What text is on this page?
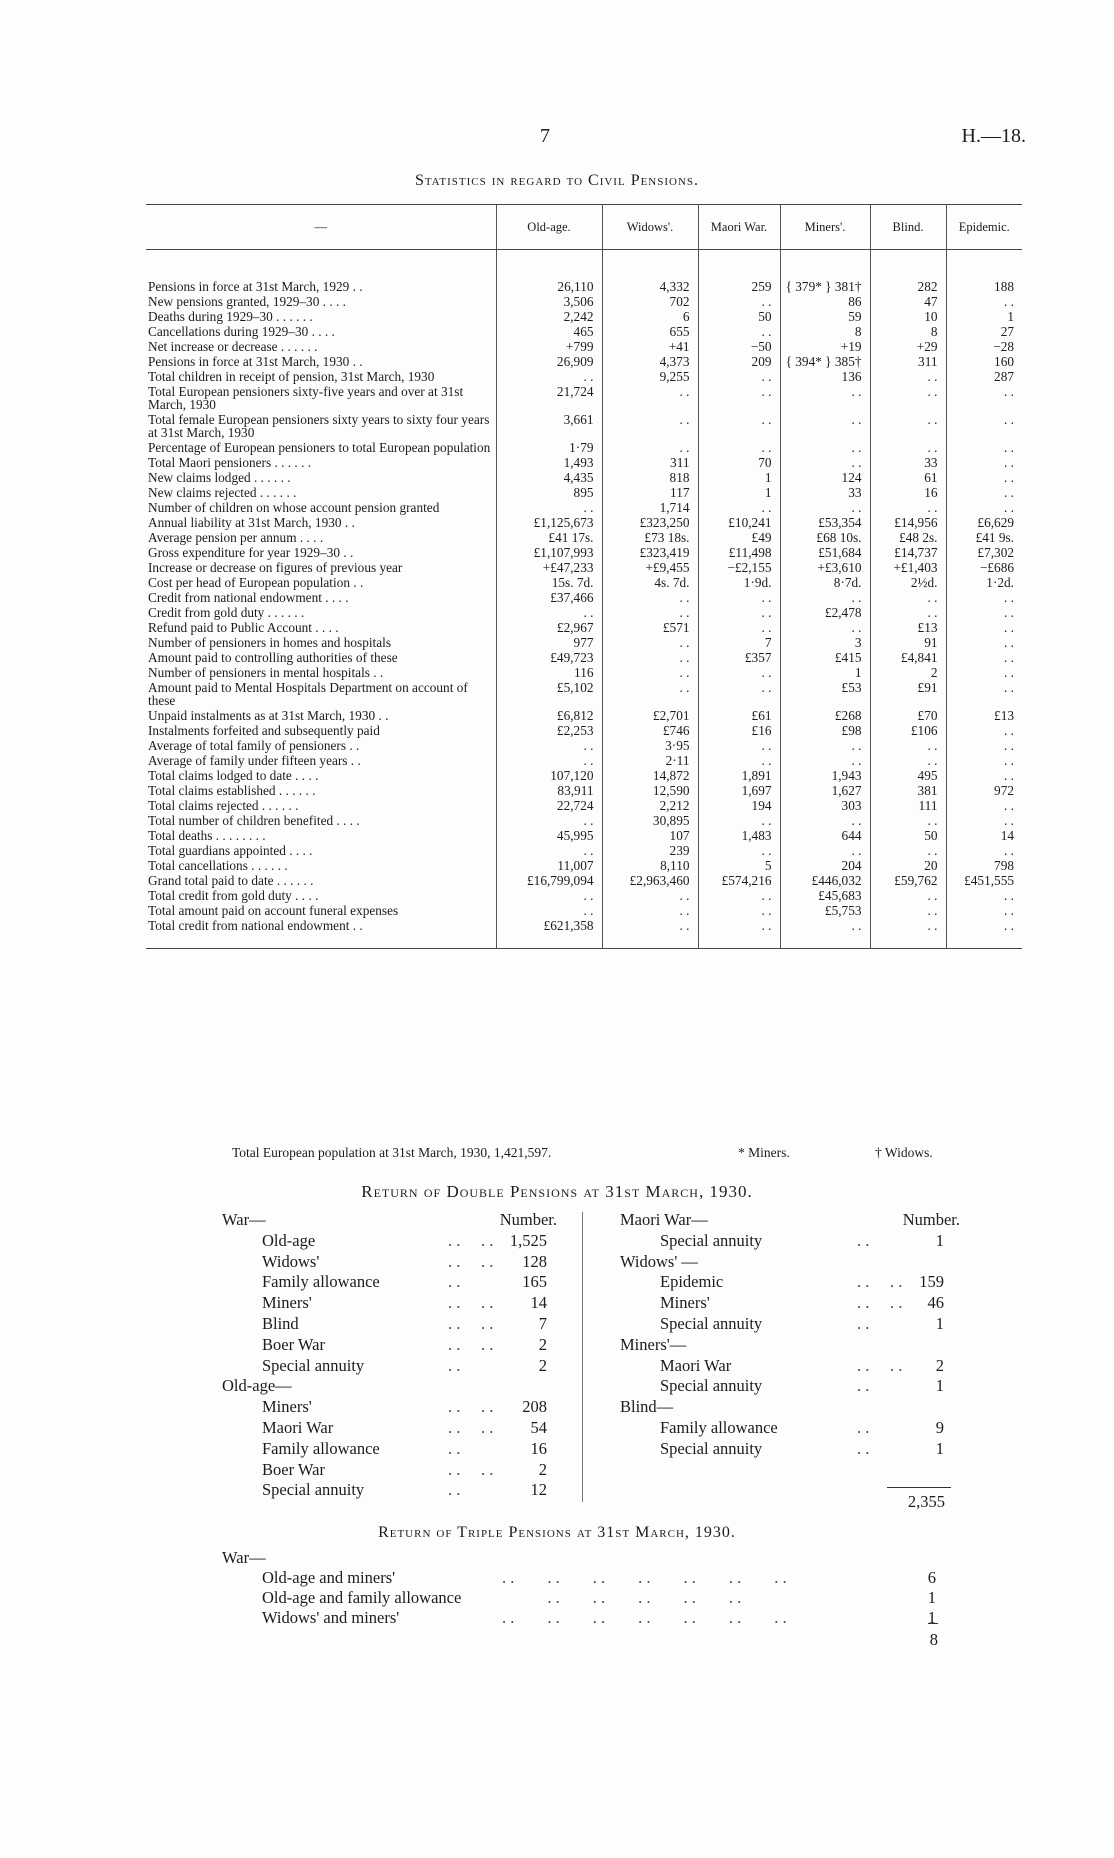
7	H.—18.
Statistics in regard to Civil Pensions.
—	Old-age.	Widows'.	Maori War.	Miners'.	Blind.	Epidemic.
Pensions in force at 31st March, 1929 . .	26,110	4,332	259	{ 379* } 381†	282	188
New pensions granted, 1929–30 . . . .	3,506	702	. .	86	47	. .
Deaths during 1929–30 . . . . . .	2,242	6	50	59	10	1
Cancellations during 1929–30 . . . .	465	655	. .	8	8	27
Net increase or decrease . . . . . .	+799	+41	−50	+19	+29	−28
Pensions in force at 31st March, 1930 . .	26,909	4,373	209	{ 394* } 385†	311	160
Total children in receipt of pension, 31st March, 1930	. .	9,255	. .	136	. .	287
Total European pensioners sixty-five years and over at 31st March, 1930	21,724	. .	. .	. .	. .	. .
Total female European pensioners sixty years to sixty four years at 31st March, 1930	3,661	. .	. .	. .	. .	. .
Percentage of European pensioners to total European population	1·79	. .	. .	. .	. .	. .
Total Maori pensioners . . . . . .	1,493	311	70	. .	33	. .
New claims lodged . . . . . .	4,435	818	1	124	61	. .
New claims rejected . . . . . .	895	117	1	33	16	. .
Number of children on whose account pension granted	. .	1,714	. .	. .	. .	. .
Annual liability at 31st March, 1930 . .	£1,125,673	£323,250	£10,241	£53,354	£14,956	£6,629
Average pension per annum . . . .	£41 17s.	£73 18s.	£49	£68 10s.	£48 2s.	£41 9s.
Gross expenditure for year 1929–30 . .	£1,107,993	£323,419	£11,498	£51,684	£14,737	£7,302
Increase or decrease on figures of previous year	+£47,233	+£9,455	−£2,155	+£3,610	+£1,403	−£686
Cost per head of European population . .	15s. 7d.	4s. 7d.	1·9d.	8·7d.	2½d.	1·2d.
Credit from national endowment . . . .	£37,466	. .	. .	. .	. .	. .
Credit from gold duty . . . . . .	. .	. .	. .	£2,478	. .	. .
Refund paid to Public Account . . . .	£2,967	£571	. .	. .	£13	. .
Number of pensioners in homes and hospitals	977	. .	7	3	91	. .
Amount paid to controlling authorities of these	£49,723	. .	£357	£415	£4,841	. .
Number of pensioners in mental hospitals . .	116	. .	. .	1	2	. .
Amount paid to Mental Hospitals Department on account of these	£5,102	. .	. .	£53	£91	. .
Unpaid instalments as at 31st March, 1930 . .	£6,812	£2,701	£61	£268	£70	£13
Instalments forfeited and subsequently paid	£2,253	£746	£16	£98	£106	. .
Average of total family of pensioners . .	. .	3·95	. .	. .	. .	. .
Average of family under fifteen years . .	. .	2·11	. .	. .	. .	. .
Total claims lodged to date . . . .	107,120	14,872	1,891	1,943	495	. .
Total claims established . . . . . .	83,911	12,590	1,697	1,627	381	972
Total claims rejected . . . . . .	22,724	2,212	194	303	111	. .
Total number of children benefited . . . .	. .	30,895	. .	. .	. .	. .
Total deaths . . . . . . . .	45,995	107	1,483	644	50	14
Total guardians appointed . . . .	. .	239	. .	. .	. .	. .
Total cancellations . . . . . .	11,007	8,110	5	204	20	798
Grand total paid to date . . . . . .	£16,799,094	£2,963,460	£574,216	£446,032	£59,762	£451,555
Total credit from gold duty . . . .	. .	. .	. .	£45,683	. .	. .
Total amount paid on account funeral expenses	. .	. .	. .	£5,753	. .	. .
Total credit from national endowment . .	£621,358	. .	. .	. .	. .	. .
Total European population at 31st March, 1930, 1,421,597.	* Miners.	† Widows.
Return of Double Pensions at 31st March, 1930.
Number.
War—
Old-age	. .     . . 1,525
Widows'	. .     . . 128
Family allowance	. .	165
Miners'	. .     . . 14
Blind	. .     . .	7
Boer War	. .     . .	2
Special annuity	. .	2
Old-age—
Miners'	. .     . . 208
Maori War	. .     . . 54
Family allowance	. .	16
Boer War	. .     . .	2
Special annuity	. .	12
Number.
Maori War—
Special annuity	. .	1
Widows' —
Epidemic	. .     . . 159
Miners'	. .     . . 46
Special annuity	. .	1
Miners'—
Maori War	. .     . . 2
Special annuity	. .	1
Blind—
Family allowance	. .	9
Special annuity	. .	1
2,355
Return of Triple Pensions at 31st March, 1930.
War—
Old-age and miners'	. .        . .        . .        . .        . .        . .        . .	6
Old-age and family allowance . .        . .        . .        . .        . .	1
Widows' and miners'	. .        . .        . .        . .        . .        . .        . .	1
8
